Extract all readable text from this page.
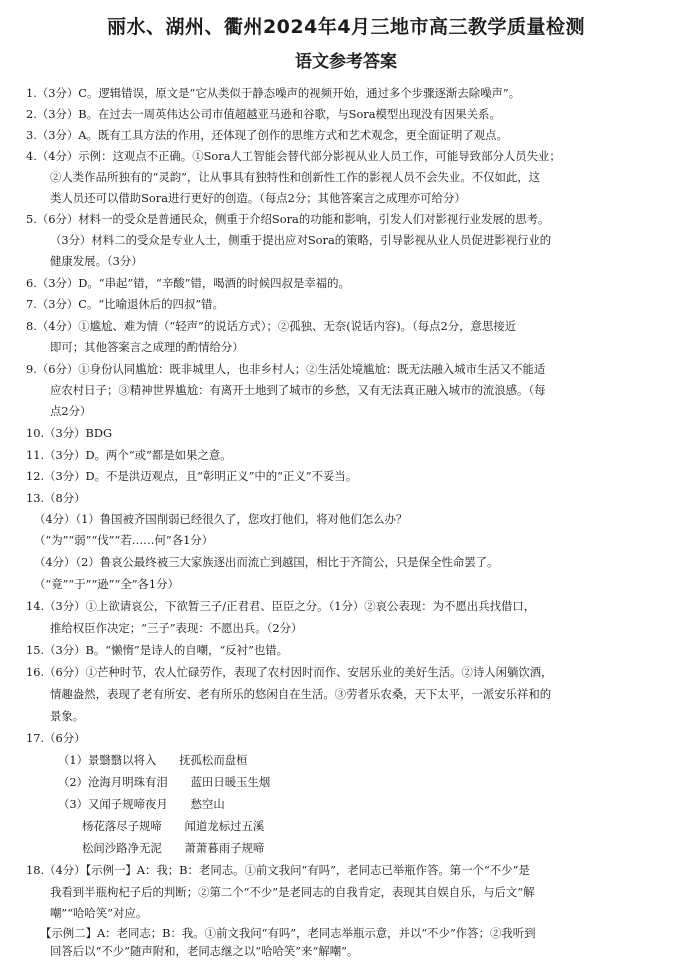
丽水、湖州、衢州2024年4月三地市高三教学质量检测
语文参考答案
1.（3分）C。逻辑错误，原文是“它从类似于静态噪声的视频开始，通过多个步骤逐渐去除噪声”。
2.（3分）B。在过去一周英伟达公司市值超越亚马逊和谷歌，与Sora模型出现没有因果关系。
3.（3分）A。既有工具方法的作用，还体现了创作的思维方式和艺术观念，更全面证明了观点。
4.（4分）示例：这观点不正确。①Sora人工智能会替代部分影视从业人员工作，可能导致部分人员失业；
②人类作品所独有的“灵韵”，让从事具有独特性和创新性工作的影视人员不会失业。不仅如此，这
类人员还可以借助Sora进行更好的创造。（每点2分；其他答案言之成理亦可给分）
5.（6分）材料一的受众是普通民众，侧重于介绍Sora的功能和影响，引发人们对影视行业发展的思考。
（3分）材料二的受众是专业人士，侧重于提出应对Sora的策略，引导影视从业人员促进影视行业的
健康发展。（3分）
6.（3分）D。“串起”错，“辛酸”错，喝酒的时候四叔是幸福的。
7.（3分）C。“比喻退休后的四叔”错。
8.（4分）①尴尬、难为情（“轻声”的说话方式）；②孤独、无奈(说话内容)。（每点2分，意思接近
即可；其他答案言之成理的酌情给分）
9.（6分）①身份认同尴尬：既非城里人，也非乡村人；②生活处境尴尬：既无法融入城市生活又不能适
应农村日子；③精神世界尴尬：有离开土地到了城市的乡愁，又有无法真正融入城市的流浪感。（每
点2分）
10.（3分）BDG
11.（3分）D。两个“或”都是如果之意。
12.（3分）D。不是洪迈观点，且“彰明正义”中的“正义”不妥当。
13.（8分）
（4分）（1）鲁国被齐国削弱已经很久了，您攻打他们，将对他们怎么办？
（“为”“弱”“伐”“若……何”各1分）
（4分）（2）鲁哀公最终被三大家族逐出而流亡到越国，相比于齐简公，只是保全性命罢了。
（“竟”“于”“逊”“全”各1分）
14.（3分）①上欲请哀公，下欲暂三子/正君君、臣臣之分。（1分）②哀公表现：为不愿出兵找借口，
推给权臣作决定；“三子”表现：不愿出兵。（2分）
15.（3分）B。“懒惰”是诗人的自嘲，“反衬”也错。
16.（6分）①芒种时节，农人忙碌劳作，表现了农村因时而作、安居乐业的美好生活。②诗人闲躺饮酒，
情趣盎然，表现了老有所安、老有所乐的悠闲自在生活。③劳者乐农桑，天下太平，一派安乐祥和的
景象。
17.（6分）
（1）景翳翳以将入　　抚孤松而盘桓
（2）沧海月明珠有泪　　蓝田日暖玉生烟
（3）又闻子规啼夜月　　愁空山
杨花落尽子规啼　　闻道龙标过五溪
松间沙路净无泥　　萧萧暮雨子规啼
18.（4分）【示例一】A：我；B：老同志。①前文我问“有吗”，老同志已举瓶作答。第一个“不少”是
我看到半瓶枸杞子后的判断；②第二个“不少”是老同志的自我肯定，表现其自娱自乐，与后文“解
嘲”“哈哈笑”对应。
【示例二】A：老同志；B：我。①前文我问“有吗”，老同志举瓶示意，并以“不少”作答；②我听到
回答后以“不少”随声附和，老同志继之以“哈哈笑”来“解嘲”。
